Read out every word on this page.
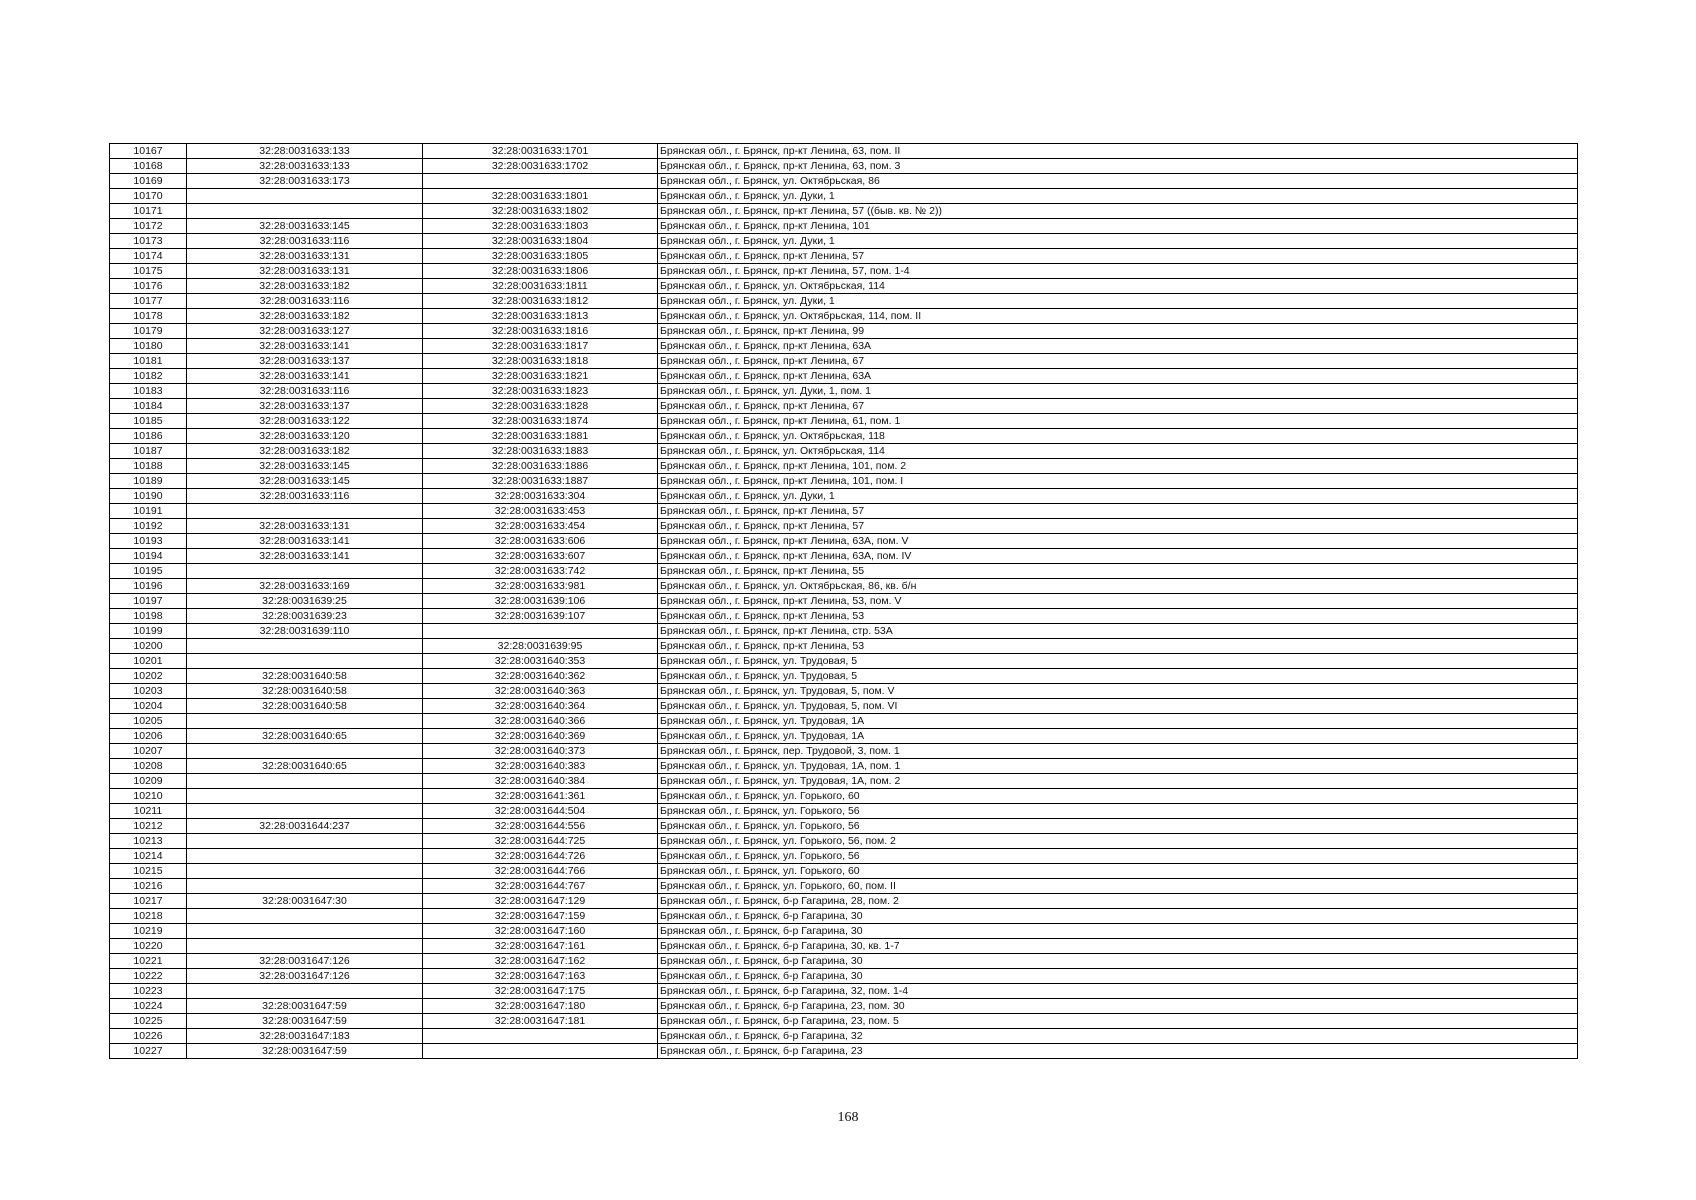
10167	32:28:0031633:133	32:28:0031633:1701	Брянская обл., г. Брянск, пр-кт Ленина, 63, пом. II
10168	32:28:0031633:133	32:28:0031633:1702	Брянская обл., г. Брянск, пр-кт Ленина, 63, пом. 3
10169	32:28:0031633:173		Брянская обл., г. Брянск, ул. Октябрьская, 86
10170		32:28:0031633:1801	Брянская обл., г. Брянск, ул. Дуки, 1
10171		32:28:0031633:1802	Брянская обл., г. Брянск, пр-кт Ленина, 57 ((быв. кв. № 2))
10172	32:28:0031633:145	32:28:0031633:1803	Брянская обл., г. Брянск, пр-кт Ленина, 101
10173	32:28:0031633:116	32:28:0031633:1804	Брянская обл., г. Брянск, ул. Дуки, 1
10174	32:28:0031633:131	32:28:0031633:1805	Брянская обл., г. Брянск, пр-кт Ленина, 57
10175	32:28:0031633:131	32:28:0031633:1806	Брянская обл., г. Брянск, пр-кт Ленина, 57, пом. 1-4
10176	32:28:0031633:182	32:28:0031633:1811	Брянская обл., г. Брянск, ул. Октябрьская, 114
10177	32:28:0031633:116	32:28:0031633:1812	Брянская обл., г. Брянск, ул. Дуки, 1
10178	32:28:0031633:182	32:28:0031633:1813	Брянская обл., г. Брянск, ул. Октябрьская, 114, пом. II
10179	32:28:0031633:127	32:28:0031633:1816	Брянская обл., г. Брянск, пр-кт Ленина, 99
10180	32:28:0031633:141	32:28:0031633:1817	Брянская обл., г. Брянск, пр-кт Ленина, 63А
10181	32:28:0031633:137	32:28:0031633:1818	Брянская обл., г. Брянск, пр-кт Ленина, 67
10182	32:28:0031633:141	32:28:0031633:1821	Брянская обл., г. Брянск, пр-кт Ленина, 63А
10183	32:28:0031633:116	32:28:0031633:1823	Брянская обл., г. Брянск, ул. Дуки, 1, пом. 1
10184	32:28:0031633:137	32:28:0031633:1828	Брянская обл., г. Брянск, пр-кт Ленина, 67
10185	32:28:0031633:122	32:28:0031633:1874	Брянская обл., г. Брянск, пр-кт Ленина, 61, пом. 1
10186	32:28:0031633:120	32:28:0031633:1881	Брянская обл., г. Брянск, ул. Октябрьская, 118
10187	32:28:0031633:182	32:28:0031633:1883	Брянская обл., г. Брянск, ул. Октябрьская, 114
10188	32:28:0031633:145	32:28:0031633:1886	Брянская обл., г. Брянск, пр-кт Ленина, 101, пом. 2
10189	32:28:0031633:145	32:28:0031633:1887	Брянская обл., г. Брянск, пр-кт Ленина, 101, пом. I
10190	32:28:0031633:116	32:28:0031633:304	Брянская обл., г. Брянск, ул. Дуки, 1
10191		32:28:0031633:453	Брянская обл., г. Брянск, пр-кт Ленина, 57
10192	32:28:0031633:131	32:28:0031633:454	Брянская обл., г. Брянск, пр-кт Ленина, 57
10193	32:28:0031633:141	32:28:0031633:606	Брянская обл., г. Брянск, пр-кт Ленина, 63А, пом. V
10194	32:28:0031633:141	32:28:0031633:607	Брянская обл., г. Брянск, пр-кт Ленина, 63А, пом. IV
10195		32:28:0031633:742	Брянская обл., г. Брянск, пр-кт Ленина, 55
10196	32:28:0031633:169	32:28:0031633:981	Брянская обл., г. Брянск, ул. Октябрьская, 86, кв. б/н
10197	32:28:0031639:25	32:28:0031639:106	Брянская обл., г. Брянск, пр-кт Ленина, 53, пом. V
10198	32:28:0031639:23	32:28:0031639:107	Брянская обл., г. Брянск, пр-кт Ленина, 53
10199	32:28:0031639:110		Брянская обл., г. Брянск, пр-кт Ленина, стр. 53А
10200		32:28:0031639:95	Брянская обл., г. Брянск, пр-кт Ленина, 53
10201		32:28:0031640:353	Брянская обл., г. Брянск, ул. Трудовая, 5
10202	32:28:0031640:58	32:28:0031640:362	Брянская обл., г. Брянск, ул. Трудовая, 5
10203	32:28:0031640:58	32:28:0031640:363	Брянская обл., г. Брянск, ул. Трудовая, 5, пом. V
10204	32:28:0031640:58	32:28:0031640:364	Брянская обл., г. Брянск, ул. Трудовая, 5, пом. VI
10205		32:28:0031640:366	Брянская обл., г. Брянск, ул. Трудовая, 1А
10206	32:28:0031640:65	32:28:0031640:369	Брянская обл., г. Брянск, ул. Трудовая, 1А
10207		32:28:0031640:373	Брянская обл., г. Брянск, пер. Трудовой, 3, пом. 1
10208	32:28:0031640:65	32:28:0031640:383	Брянская обл., г. Брянск, ул. Трудовая, 1А, пом. 1
10209		32:28:0031640:384	Брянская обл., г. Брянск, ул. Трудовая, 1А, пом. 2
10210		32:28:0031641:361	Брянская обл., г. Брянск, ул. Горького, 60
10211		32:28:0031644:504	Брянская обл., г. Брянск, ул. Горького, 56
10212	32:28:0031644:237	32:28:0031644:556	Брянская обл., г. Брянск, ул. Горького, 56
10213		32:28:0031644:725	Брянская обл., г. Брянск, ул. Горького, 56, пом. 2
10214		32:28:0031644:726	Брянская обл., г. Брянск, ул. Горького, 56
10215		32:28:0031644:766	Брянская обл., г. Брянск, ул. Горького, 60
10216		32:28:0031644:767	Брянская обл., г. Брянск, ул. Горького, 60, пом. II
10217	32:28:0031647:30	32:28:0031647:129	Брянская обл., г. Брянск, б-р Гагарина, 28, пом. 2
10218		32:28:0031647:159	Брянская обл., г. Брянск, б-р Гагарина, 30
10219		32:28:0031647:160	Брянская обл., г. Брянск, б-р Гагарина, 30
10220		32:28:0031647:161	Брянская обл., г. Брянск, б-р Гагарина, 30, кв. 1-7
10221	32:28:0031647:126	32:28:0031647:162	Брянская обл., г. Брянск, б-р Гагарина, 30
10222	32:28:0031647:126	32:28:0031647:163	Брянская обл., г. Брянск, б-р Гагарина, 30
10223		32:28:0031647:175	Брянская обл., г. Брянск, б-р Гагарина, 32, пом. 1-4
10224	32:28:0031647:59	32:28:0031647:180	Брянская обл., г. Брянск, б-р Гагарина, 23, пом. 30
10225	32:28:0031647:59	32:28:0031647:181	Брянская обл., г. Брянск, б-р Гагарина, 23, пом. 5
10226	32:28:0031647:183		Брянская обл., г. Брянск, б-р Гагарина, 32
10227	32:28:0031647:59		Брянская обл., г. Брянск, б-р Гагарина, 23
168
